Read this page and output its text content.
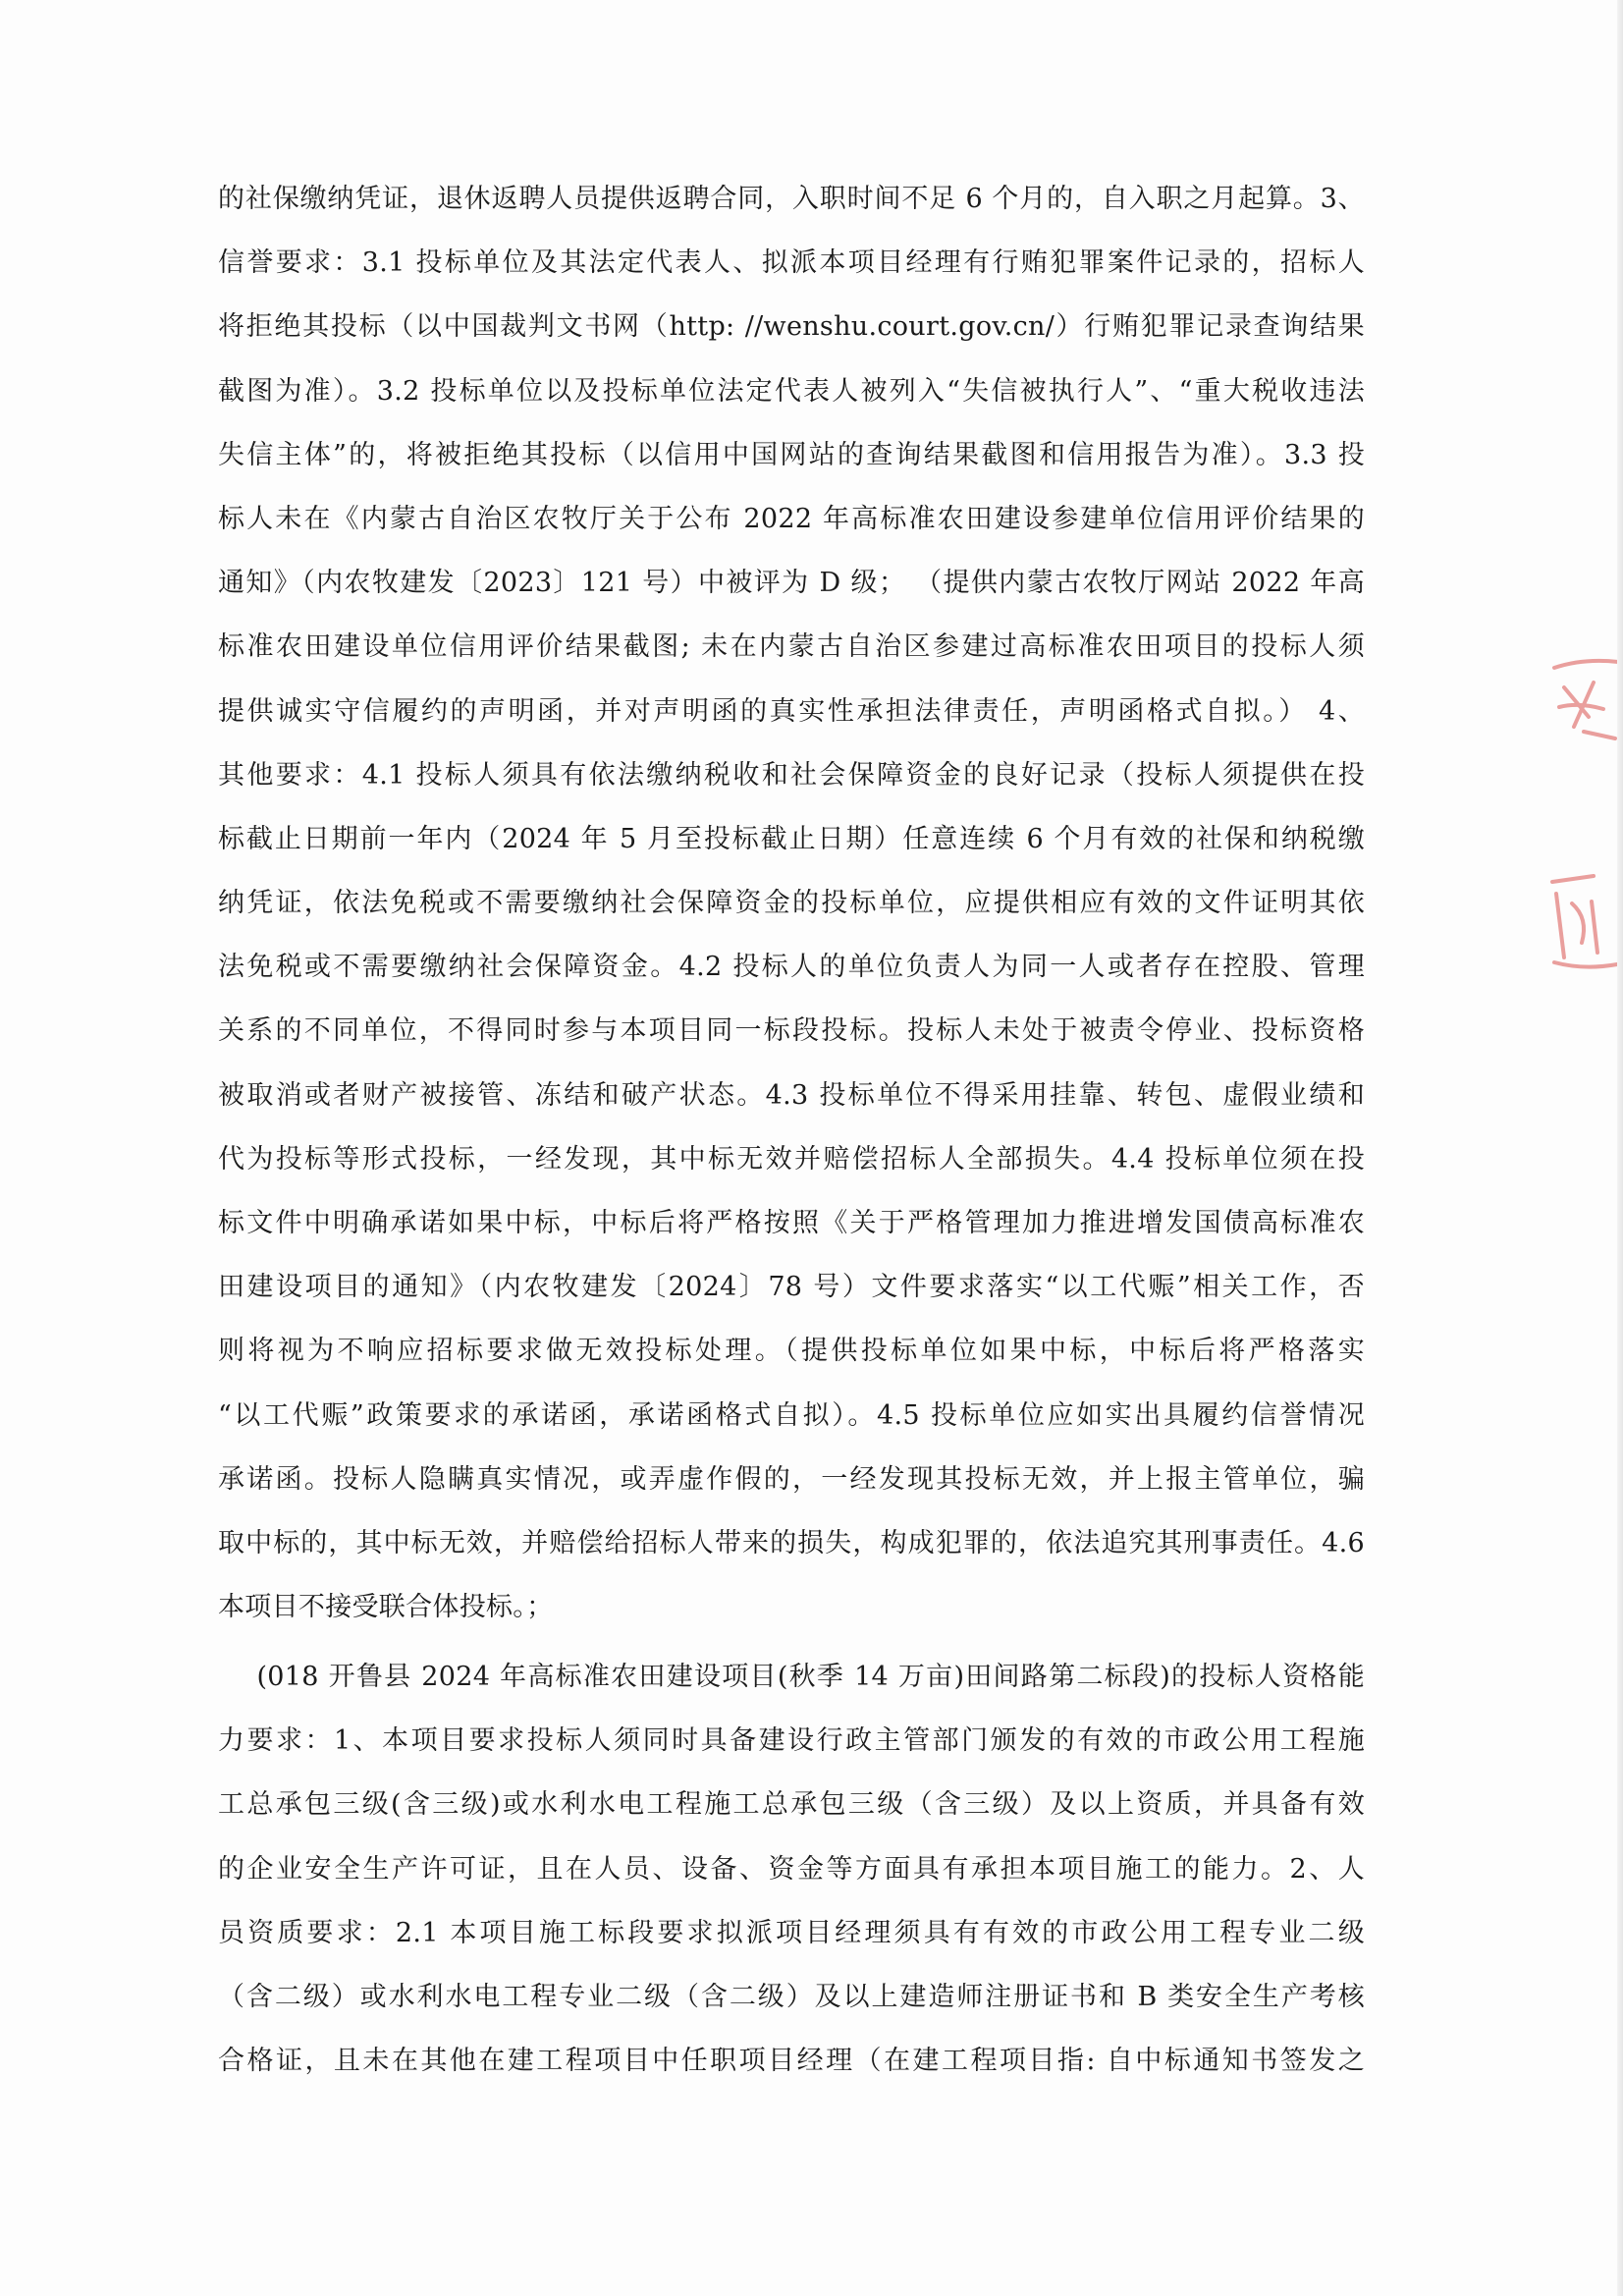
的社保缴纳凭证，退休返聘人员提供返聘合同，入职时间不足 6 个月的，自入职之月起算。3、
信誉要求：3.1 投标单位及其法定代表人、拟派本项目经理有行贿犯罪案件记录的，招标人
将拒绝其投标（以中国裁判文书网（http: //wenshu.court.gov.cn/）行贿犯罪记录查询结果
截图为准）。3.2 投标单位以及投标单位法定代表人被列入“失信被执行人”、“重大税收违法
失信主体”的，将被拒绝其投标（以信用中国网站的查询结果截图和信用报告为准）。3.3 投
标人未在《内蒙古自治区农牧厅关于公布 2022 年高标准农田建设参建单位信用评价结果的
通知》（内农牧建发〔2023〕121 号）中被评为 D 级； （提供内蒙古农牧厅网站 2022 年高
标准农田建设单位信用评价结果截图; 未在内蒙古自治区参建过高标准农田项目的投标人须
提供诚实守信履约的声明函，并对声明函的真实性承担法律责任，声明函格式自拟。） 4、
其他要求：4.1 投标人须具有依法缴纳税收和社会保障资金的良好记录（投标人须提供在投
标截止日期前一年内（2024 年 5 月至投标截止日期）任意连续 6 个月有效的社保和纳税缴
纳凭证，依法免税或不需要缴纳社会保障资金的投标单位，应提供相应有效的文件证明其依
法免税或不需要缴纳社会保障资金。4.2 投标人的单位负责人为同一人或者存在控股、管理
关系的不同单位，不得同时参与本项目同一标段投标。投标人未处于被责令停业、投标资格
被取消或者财产被接管、冻结和破产状态。4.3 投标单位不得采用挂靠、转包、虚假业绩和
代为投标等形式投标，一经发现，其中标无效并赔偿招标人全部损失。4.4 投标单位须在投
标文件中明确承诺如果中标，中标后将严格按照《关于严格管理加力推进增发国债高标准农
田建设项目的通知》（内农牧建发〔2024〕78 号）文件要求落实“以工代赈”相关工作，否
则将视为不响应招标要求做无效投标处理。（提供投标单位如果中标，中标后将严格落实
“以工代赈”政策要求的承诺函，承诺函格式自拟）。4.5 投标单位应如实出具履约信誉情况
承诺函。投标人隐瞒真实情况，或弄虚作假的，一经发现其投标无效，并上报主管单位，骗
取中标的，其中标无效，并赔偿给招标人带来的损失，构成犯罪的，依法追究其刑事责任。4.6
本项目不接受联合体投标。；
(018 开鲁县 2024 年高标准农田建设项目(秋季 14 万亩)田间路第二标段)的投标人资格能
力要求：1、本项目要求投标人须同时具备建设行政主管部门颁发的有效的市政公用工程施
工总承包三级(含三级)或水利水电工程施工总承包三级（含三级）及以上资质，并具备有效
的企业安全生产许可证，且在人员、设备、资金等方面具有承担本项目施工的能力。2、人
员资质要求：2.1 本项目施工标段要求拟派项目经理须具有有效的市政公用工程专业二级
（含二级）或水利水电工程专业二级（含二级）及以上建造师注册证书和 B 类安全生产考核
合格证，且未在其他在建工程项目中任职项目经理（在建工程项目指: 自中标通知书签发之
